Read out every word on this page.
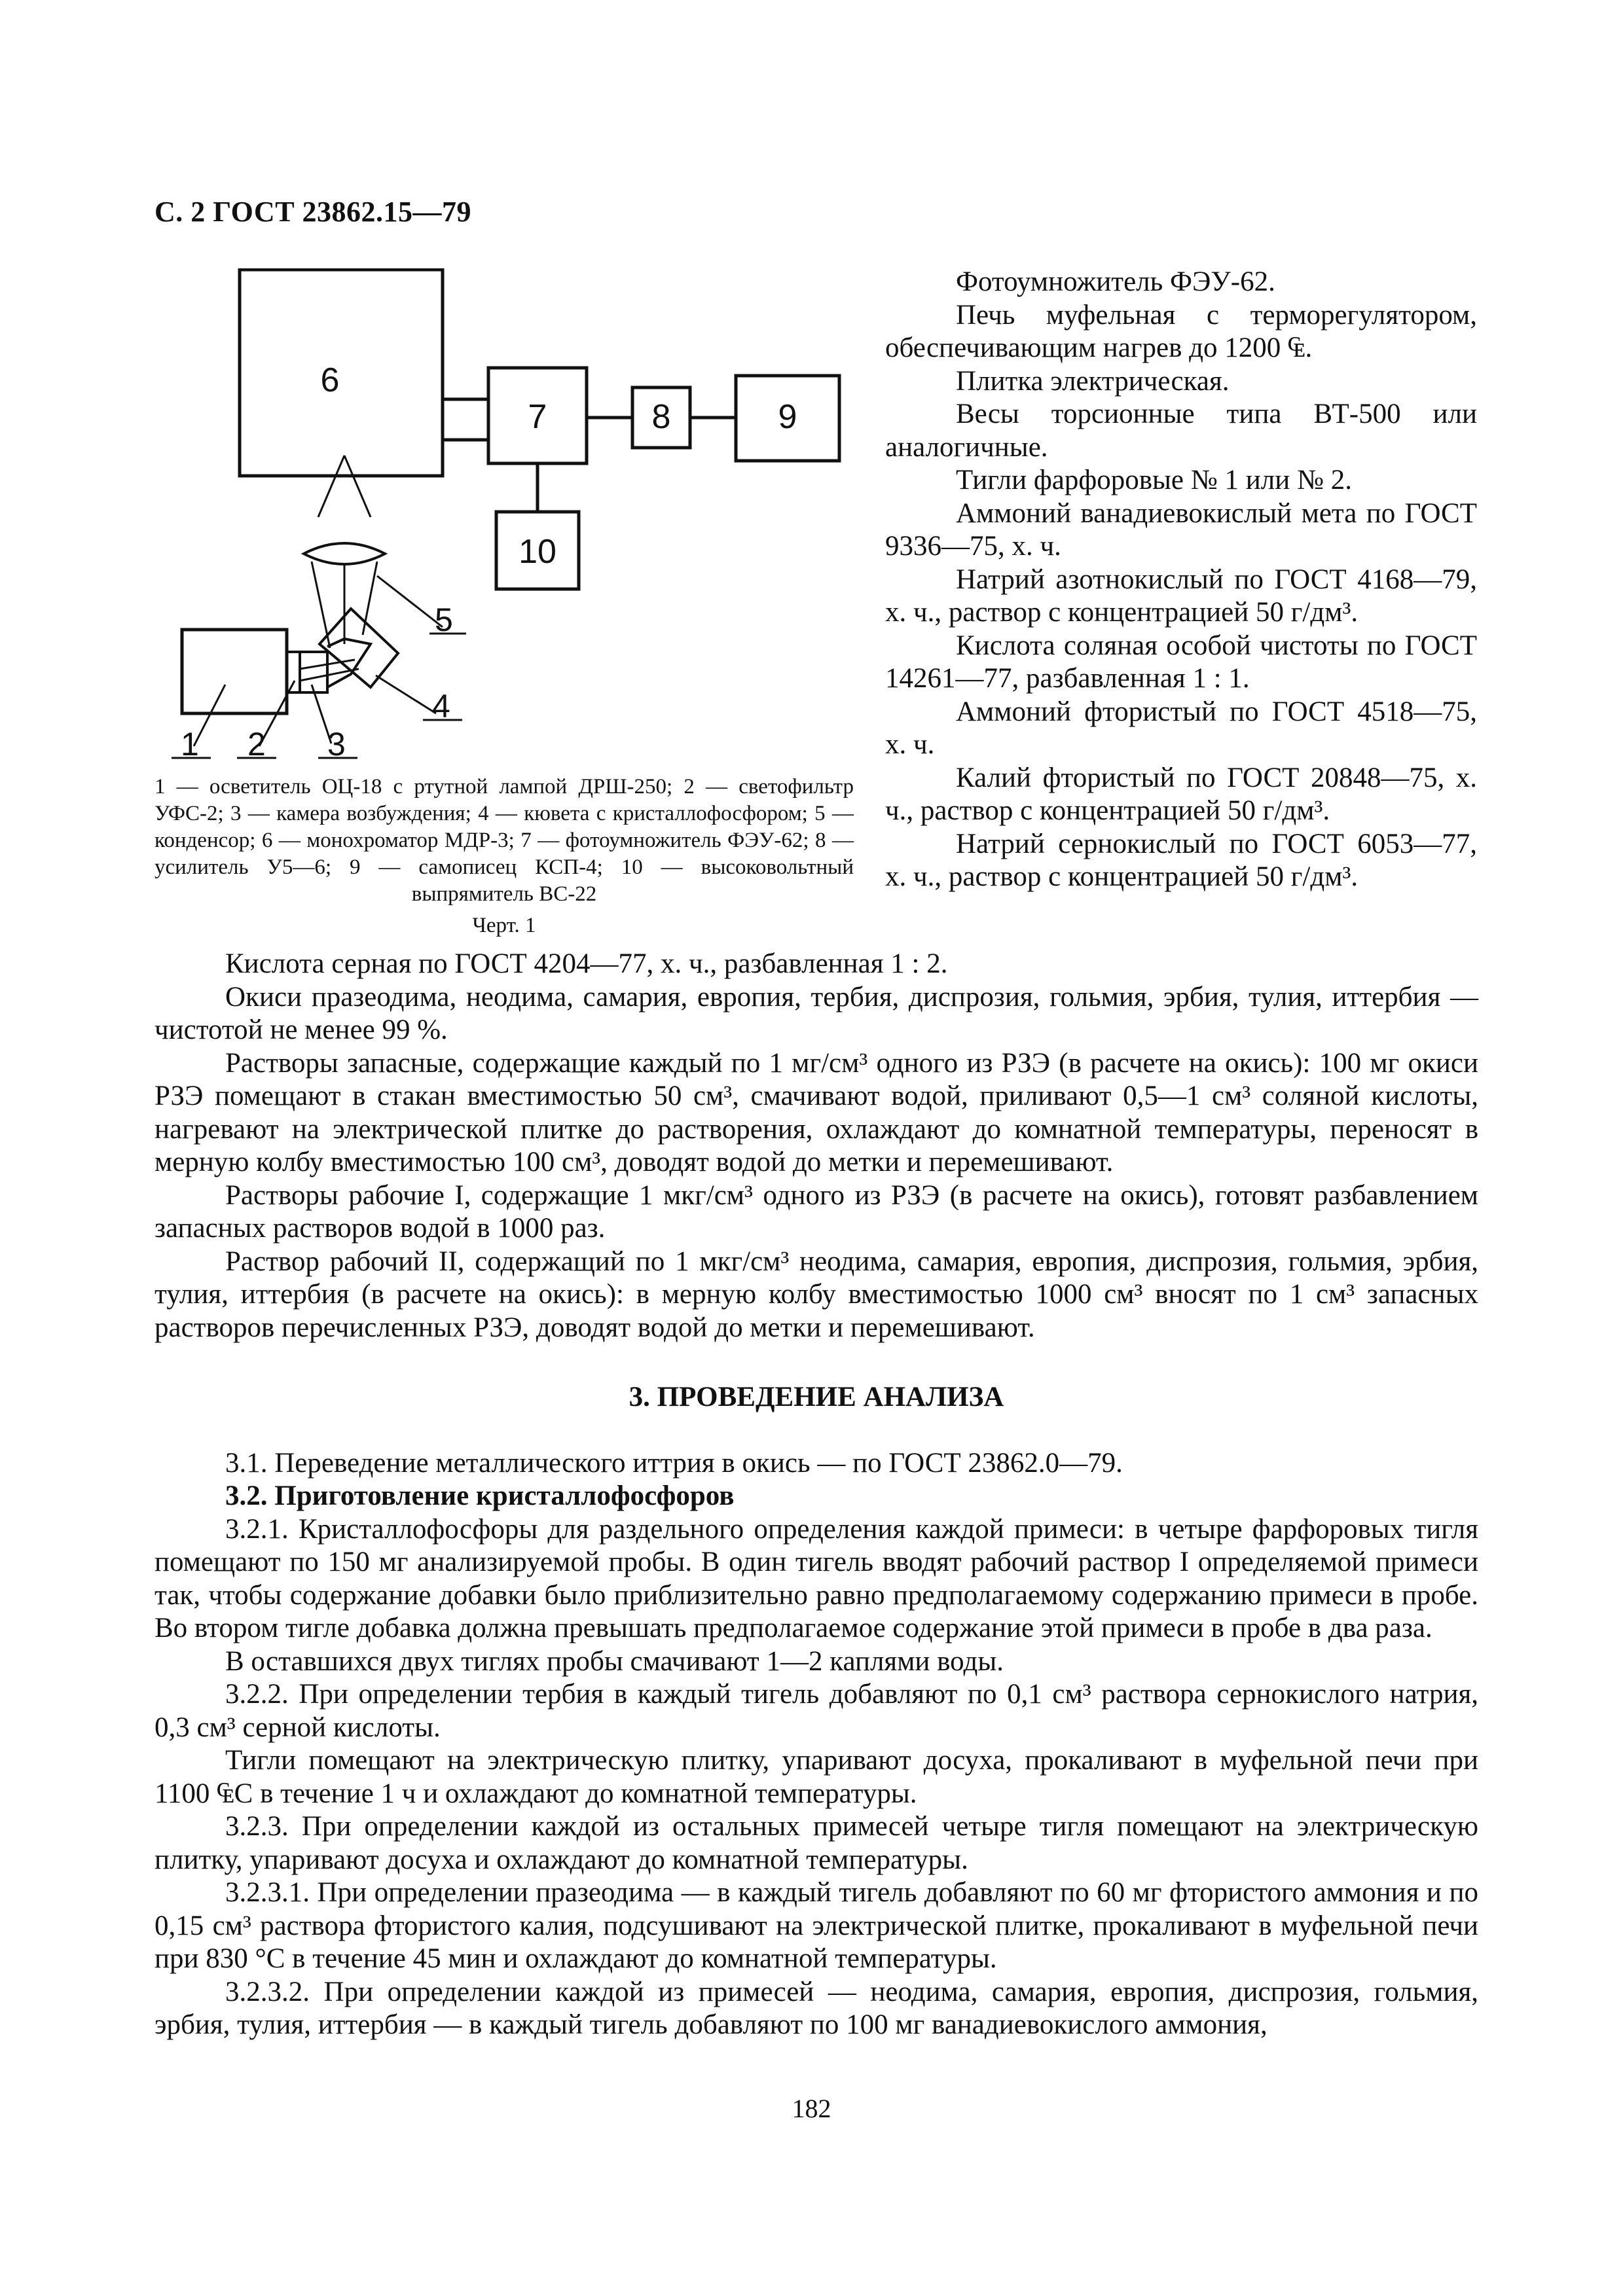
С. 2 ГОСТ 23862.15—79
6
7	8	9
10
1 2 3
4
5
1 — осветитель ОЦ-18 с ртутной лампой ДРШ-250; 2 — светофильтр УФС-2; 3 — камера возбуждения; 4 — кювета с кристаллофосфором; 5 — конденсор; 6 — монохроматор МДР-3; 7 — фотоумножитель ФЭУ-62; 8 — усилитель У5—6; 9 — самописец КСП-4; 10 — высоковольтный выпрямитель ВС-22
Черт. 1

Фотоумножитель ФЭУ-62.

Печь муфельная с терморегулятором, обеспечивающим нагрев до 1200 ₠.

Плитка электрическая.

Весы торсионные типа ВТ-500 или аналогичные.

Тигли фарфоровые № 1 или № 2.

Аммоний ванадиевокислый мета по ГОСТ 9336—75, х. ч.

Натрий азотнокислый по ГОСТ 4168—79, х. ч., раствор с концентрацией 50 г/дм³.

Кислота соляная особой чистоты по ГОСТ 14261—77, разбавленная 1 : 1.

Аммоний фтористый по ГОСТ 4518—75, х. ч.

Калий фтористый по ГОСТ 20848—75, х. ч., раствор с концентрацией 50 г/дм³.

Натрий сернокислый по ГОСТ 6053—77, х. ч., раствор с концентрацией 50 г/дм³.

Кислота серная по ГОСТ 4204—77, х. ч., разбавленная 1 : 2.

Окиси празеодима, неодима, самария, европия, тербия, диспрозия, гольмия, эрбия, тулия, иттербия — чистотой не менее 99 %.

Растворы запасные, содержащие каждый по 1 мг/см³ одного из РЗЭ (в расчете на окись): 100 мг окиси РЗЭ помещают в стакан вместимостью 50 см³, смачивают водой, приливают 0,5—1 см³ соляной кислоты, нагревают на электрической плитке до растворения, охлаждают до комнатной температуры, переносят в мерную колбу вместимостью 100 см³, доводят водой до метки и перемешивают.

Растворы рабочие I, содержащие 1 мкг/см³ одного из РЗЭ (в расчете на окись), готовят разбавлением запасных растворов водой в 1000 раз.

Раствор рабочий II, содержащий по 1 мкг/см³ неодима, самария, европия, диспрозия, гольмия, эрбия, тулия, иттербия (в расчете на окись): в мерную колбу вместимостью 1000 см³ вносят по 1 см³ запасных растворов перечисленных РЗЭ, доводят водой до метки и перемешивают.

3. ПРОВЕДЕНИЕ АНАЛИЗА

3.1. Переведение металлического иттрия в окись — по ГОСТ 23862.0—79.

3.2. Приготовление кристаллофосфоров

3.2.1. Кристаллофосфоры для раздельного определения каждой примеси: в четыре фарфоровых тигля помещают по 150 мг анализируемой пробы. В один тигель вводят рабочий раствор I определяемой примеси так, чтобы содержание добавки было приблизительно равно предполагаемому содержанию примеси в пробе. Во втором тигле добавка должна превышать предполагаемое содержание этой примеси в пробе в два раза.

В оставшихся двух тиглях пробы смачивают 1—2 каплями воды.

3.2.2. При определении тербия в каждый тигель добавляют по 0,1 см³ раствора сернокислого натрия, 0,3 см³ серной кислоты.

Тигли помещают на электрическую плитку, упаривают досуха, прокаливают в муфельной печи при 1100 ₠С в течение 1 ч и охлаждают до комнатной температуры.

3.2.3. При определении каждой из остальных примесей четыре тигля помещают на электрическую плитку, упаривают досуха и охлаждают до комнатной температуры.

3.2.3.1. При определении празеодима — в каждый тигель добавляют по 60 мг фтористого аммония и по 0,15 см³ раствора фтористого калия, подсушивают на электрической плитке, прокаливают в муфельной печи при 830 °С в течение 45 мин и охлаждают до комнатной температуры.

3.2.3.2. При определении каждой из примесей — неодима, самария, европия, диспрозия, гольмия, эрбия, тулия, иттербия — в каждый тигель добавляют по 100 мг ванадиевокислого аммония,

182
